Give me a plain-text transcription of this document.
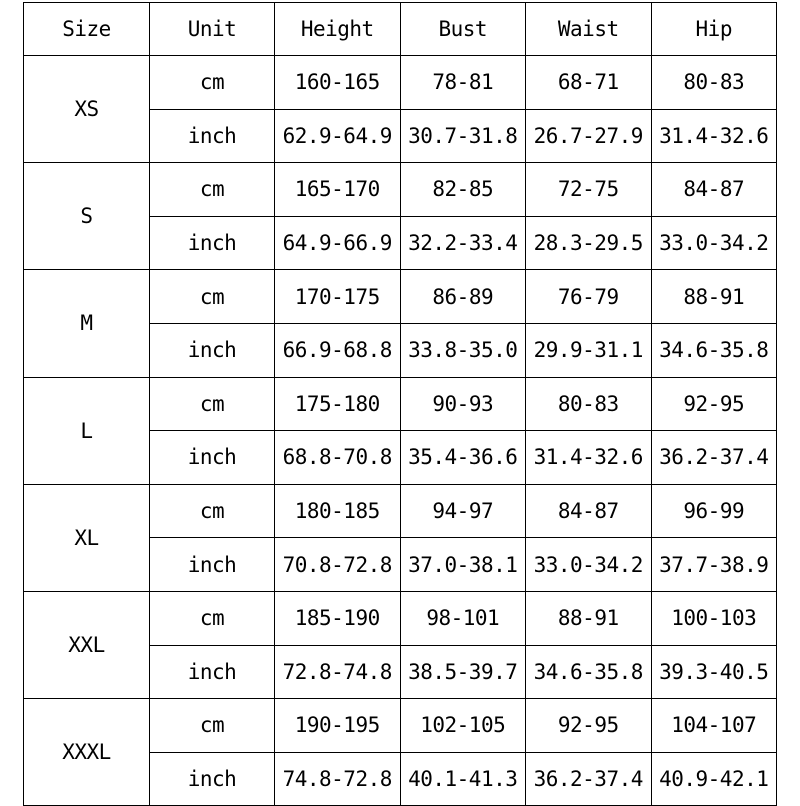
Size	Unit	Height	Bust	Waist	Hip
XS	cm	160-165	78-81	68-71	80-83
	inch	62.9-64.9	30.7-31.8	26.7-27.9	31.4-32.6
S	cm	165-170	82-85	72-75	84-87
	inch	64.9-66.9	32.2-33.4	28.3-29.5	33.0-34.2
M	cm	170-175	86-89	76-79	88-91
	inch	66.9-68.8	33.8-35.0	29.9-31.1	34.6-35.8
L	cm	175-180	90-93	80-83	92-95
	inch	68.8-70.8	35.4-36.6	31.4-32.6	36.2-37.4
XL	cm	180-185	94-97	84-87	96-99
	inch	70.8-72.8	37.0-38.1	33.0-34.2	37.7-38.9
XXL	cm	185-190	98-101	88-91	100-103
	inch	72.8-74.8	38.5-39.7	34.6-35.8	39.3-40.5
XXXL	cm	190-195	102-105	92-95	104-107
	inch	74.8-72.8	40.1-41.3	36.2-37.4	40.9-42.1
